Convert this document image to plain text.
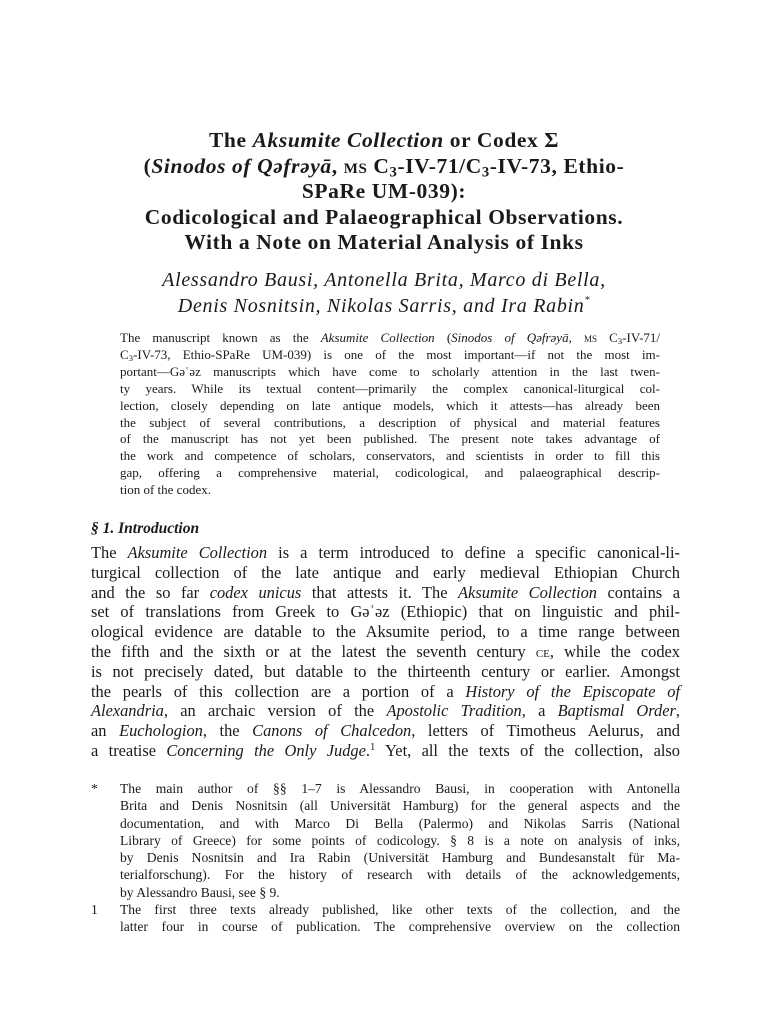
The Aksumite Collection or Codex Σ
(Sinodos of Qəfrəyā, ms $C_3-IV-71/C_3-IV-73$, Ethio-
SPaRe UM-039):
Codicological and Palaeographical Observations.
With a Note on Material Analysis of Inks
Alessandro Bausi, Antonella Brita, Marco di Bella,
Denis Nosnitsin, Nikolas Sarris, and Ira Rabin*
The manuscript known as the Aksumite Collection (Sinodos of Qəfrəyā, ms $C_3-IV-71/$
$C_3-IV-73$, Ethio-SPaRe UM-039) is one of the most important—if not the most im-
portant—Gəʿəz manuscripts which have come to scholarly attention in the last twen-
ty years. While its textual content—primarily the complex canonical-liturgical col-
lection, closely depending on late antique models, which it attests—has already been
the subject of several contributions, a description of physical and material features
of the manuscript has not yet been published. The present note takes advantage of
the work and competence of scholars, conservators, and scientists in order to fill this
gap, offering a comprehensive material, codicological, and palaeographical descrip-
tion of the codex.
§ 1. Introduction
The Aksumite Collection is a term introduced to define a specific canonical-li-
turgical collection of the late antique and early medieval Ethiopian Church
and the so far codex unicus that attests it. The Aksumite Collection contains a
set of translations from Greek to Gəʿəz (Ethiopic) that on linguistic and phil-
ological evidence are datable to the Aksumite period, to a time range between
the fifth and the sixth or at the latest the seventh century ce, while the codex
is not precisely dated, but datable to the thirteenth century or earlier. Amongst
the pearls of this collection are a portion of a History of the Episcopate of
Alexandria, an archaic version of the Apostolic Tradition, a Baptismal Order,
an Euchologion, the Canons of Chalcedon, letters of Timotheus Aelurus, and
a treatise Concerning the Only Judge.$^1$ Yet, all the texts of the collection, also
*	The main author of §§ 1–7 is Alessandro Bausi, in cooperation with Antonella
Brita and Denis Nosnitsin (all Universität Hamburg) for the general aspects and the
documentation, and with Marco Di Bella (Palermo) and Nikolas Sarris (National
Library of Greece) for some points of codicology. § 8 is a note on analysis of inks,
by Denis Nosnitsin and Ira Rabin (Universität Hamburg and Bundesanstalt für Ma-
terialforschung). For the history of research with details of the acknowledgements,
by Alessandro Bausi, see § 9.
1	The first three texts already published, like other texts of the collection, and the
latter four in course of publication. The comprehensive overview on the collection
